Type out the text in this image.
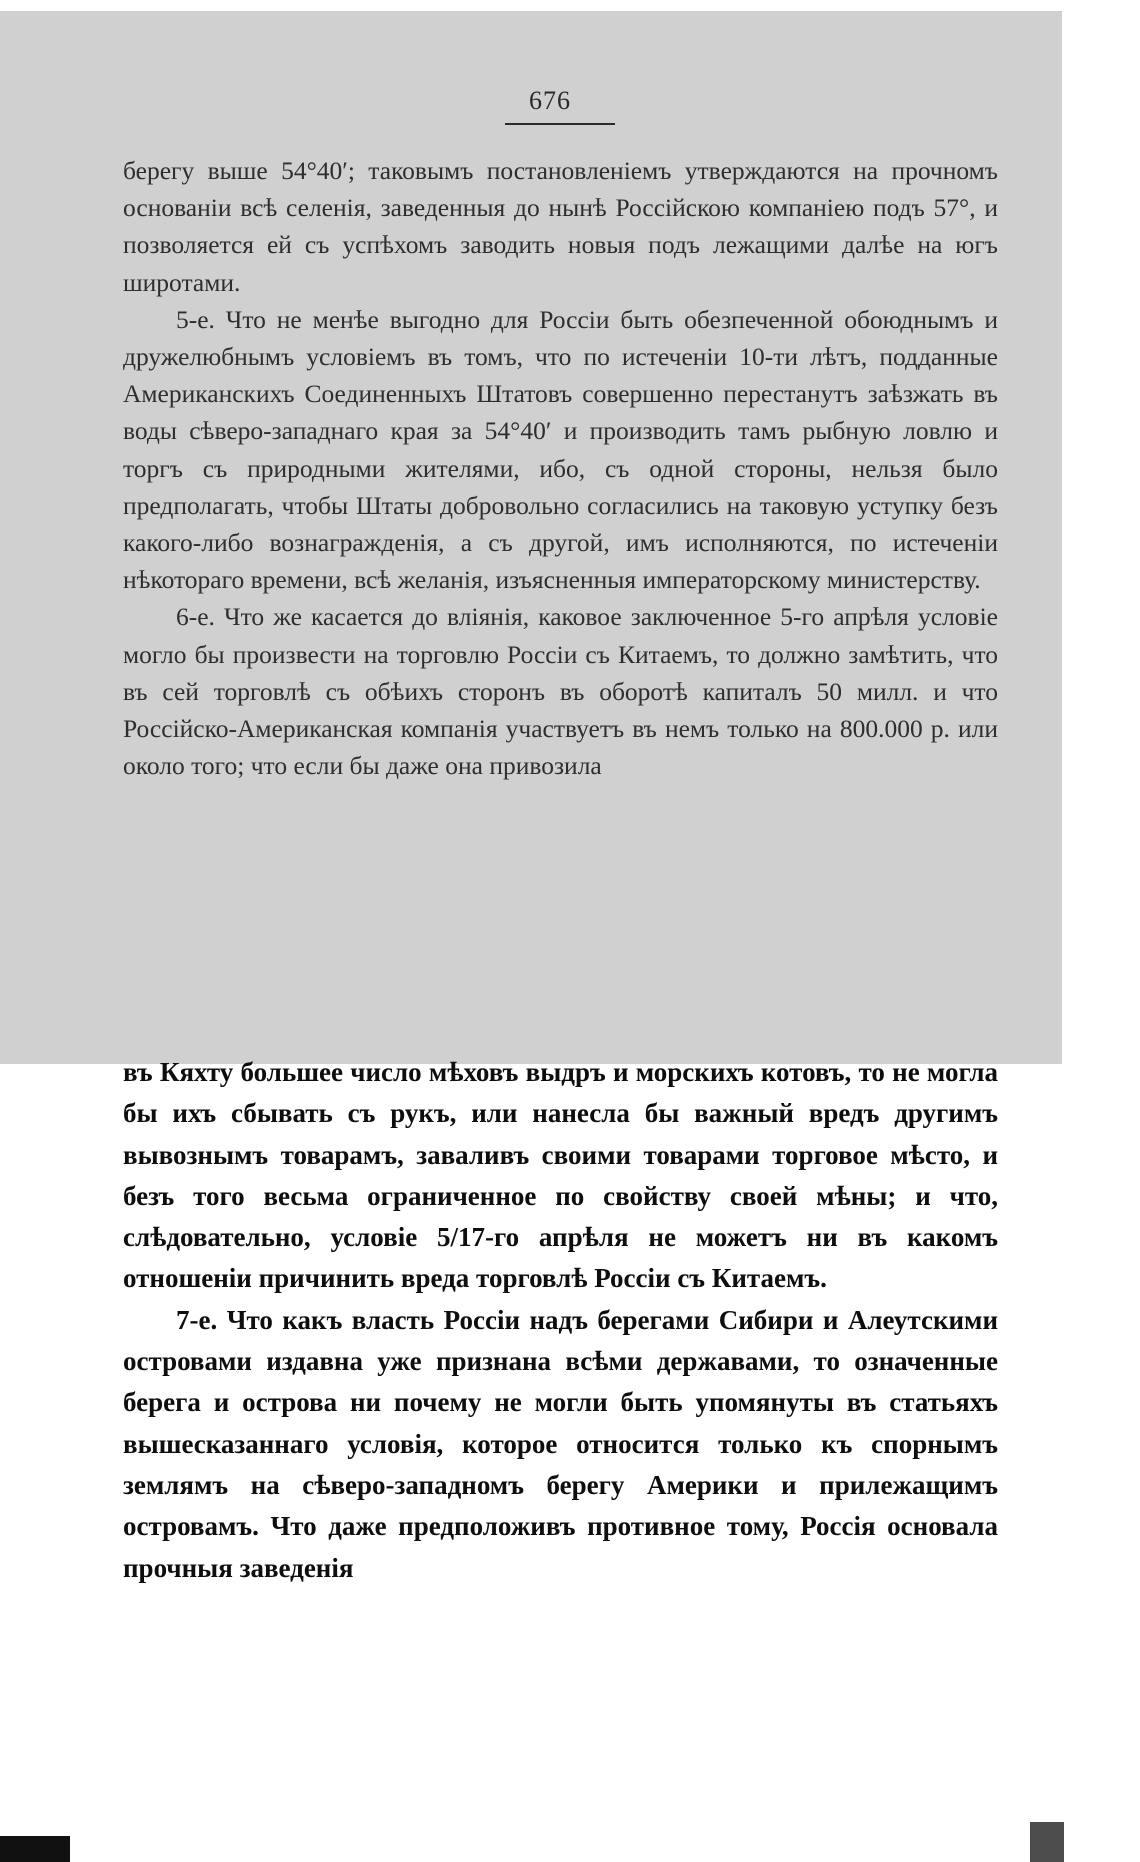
676

берегу выше 54°40′; таковымъ постановленіемъ утверждаются на прочномъ основаніи всѣ селенія, заведенныя до нынѣ Россійскою компаніею подъ 57°, и позволяется ей съ успѣхомъ заводить новыя подъ лежащими далѣе на югъ широтами.

5-е. Что не менѣе выгодно для Россіи быть обезпеченной обоюднымъ и дружелюбнымъ условіемъ въ томъ, что по истеченіи 10-ти лѣтъ, подданные Американскихъ Соединенныхъ Штатовъ совершенно перестанутъ заѣзжать въ воды сѣверо-западнаго края за 54°40′ и производить тамъ рыбную ловлю и торгъ съ природными жителями, ибо, съ одной стороны, нельзя было предполагать, чтобы Штаты добровольно согласились на таковую уступку безъ какого-либо вознагражденія, а съ другой, имъ исполняются, по истеченіи нѣкотораго времени, всѣ желанія, изъясненныя императорскому министерству.

6-е. Что же касается до вліянія, каковое заключенное 5-го апрѣля условіе могло бы произвести на торговлю Россіи съ Китаемъ, то должно замѣтить, что въ сей торговлѣ съ обѣихъ сторонъ въ оборотѣ капиталъ 50 милл. и что Россійско-Американская компанія участвуетъ въ немъ только на 800.000 р. или около того; что если бы даже она привозила

въ Кяхту большее число мѣховъ выдръ и морскихъ котовъ, то не могла бы ихъ сбывать съ рукъ, или нанесла бы важный вредъ другимъ вывознымъ товарамъ, заваливъ своими товарами торговое мѣсто, и безъ того весьма ограниченное по свойству своей мѣны; и что, слѣдовательно, условіе 5/17-го апрѣля не можетъ ни въ какомъ отношеніи причинить вреда торговлѣ Россіи съ Китаемъ.

7-е. Что какъ власть Россіи надъ берегами Сибири и Алеутскими островами издавна уже признана всѣми державами, то означенные берега и острова ни почему не могли быть упомянуты въ статьяхъ вышесказаннаго условія, которое относится только къ спорнымъ землямъ на сѣверо-западномъ берегу Америки и прилежащимъ островамъ. Что даже предположивъ противное тому, Россія основала прочныя заведенія
